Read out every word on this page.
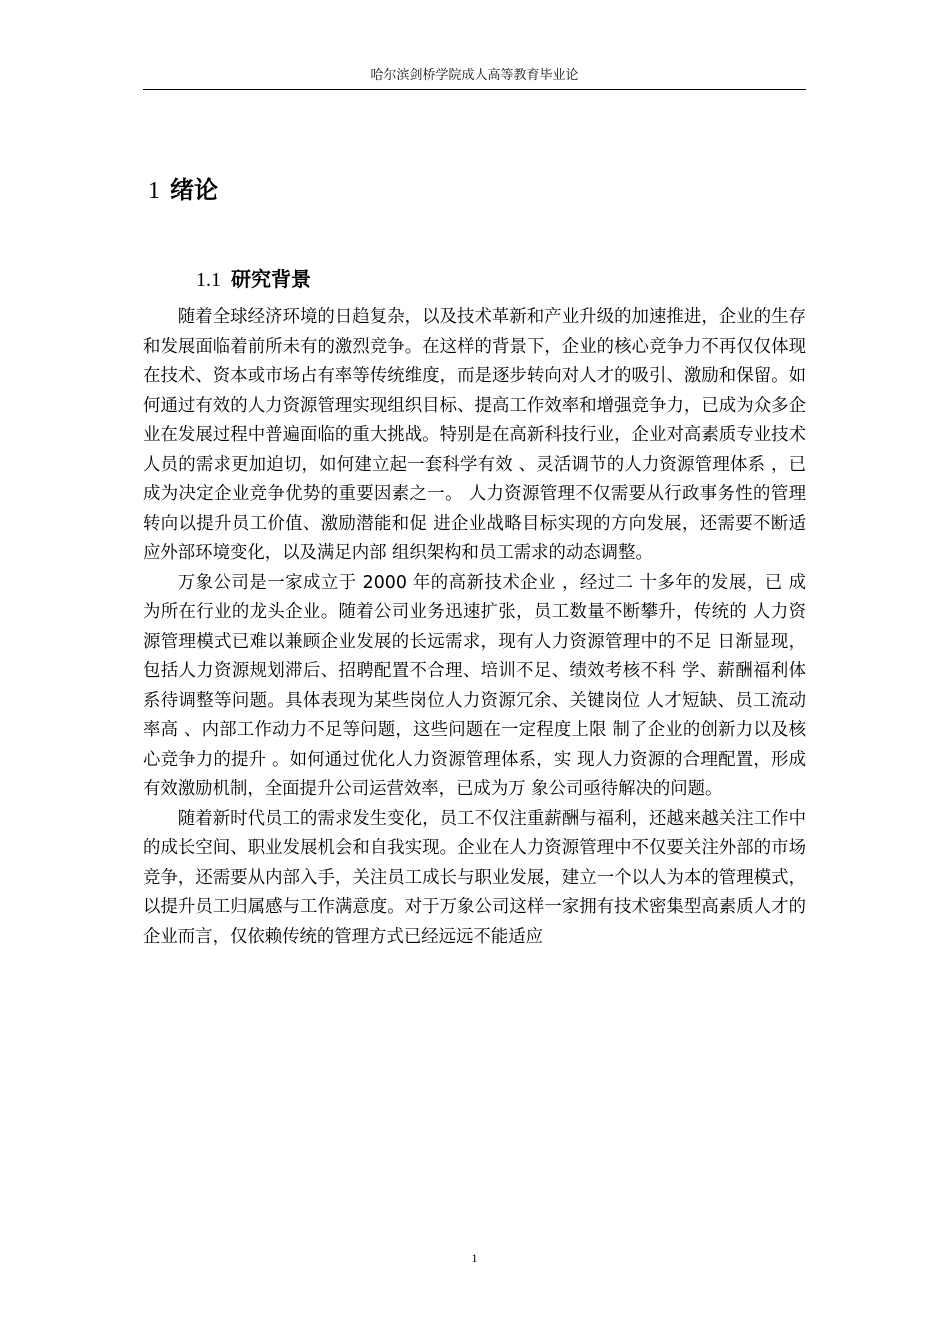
哈尔滨剑桥学院成人高等教育毕业论
1 绪论
1.1 研究背景

随着全球经济环境的日趋复杂，以及技术革新和产业升级的加速推进，企业的生存和发展面临着前所未有的激烈竞争。在这样的背景下，企业的核心竞争力不再仅仅体现在技术、资本或市场占有率等传统维度，而是逐步转向对人才的吸引、激励和保留。如何通过有效的人力资源管理实现组织目标、提高工作效率和增强竞争力，已成为众多企业在发展过程中普遍面临的重大挑战。特别是在高新科技行业，企业对高素质专业技术人员的需求更加迫切，如何建立起一套科学有效 、灵活调节的人力资源管理体系 ，已成为决定企业竞争优势的重要因素之一。 人力资源管理不仅需要从行政事务性的管理转向以提升员工价值、激励潜能和促 进企业战略目标实现的方向发展，还需要不断适应外部环境变化，以及满足内部 组织架构和员工需求的动态调整。

万象公司是一家成立于 2000 年的高新技术企业 ，经过二 十多年的发展，已 成为所在行业的龙头企业。随着公司业务迅速扩张，员工数量不断攀升，传统的 人力资源管理模式已难以兼顾企业发展的长远需求，现有人力资源管理中的不足 日渐显现，包括人力资源规划滞后、招聘配置不合理、培训不足、绩效考核不科 学、薪酬福利体系待调整等问题。具体表现为某些岗位人力资源冗余、关键岗位 人才短缺、员工流动率高 、内部工作动力不足等问题，这些问题在一定程度上限 制了企业的创新力以及核心竞争力的提升 。如何通过优化人力资源管理体系，实 现人力资源的合理配置，形成有效激励机制，全面提升公司运营效率，已成为万 象公司亟待解决的问题。

随着新时代员工的需求发生变化，员工不仅注重薪酬与福利，还越来越关注工作中的成长空间、职业发展机会和自我实现。企业在人力资源管理中不仅要关注外部的市场竞争，还需要从内部入手，关注员工成长与职业发展，建立一个以人为本的管理模式，以提升员工归属感与工作满意度。对于万象公司这样一家拥有技术密集型高素质人才的企业而言，仅依赖传统的管理方式已经远远不能适应

1
